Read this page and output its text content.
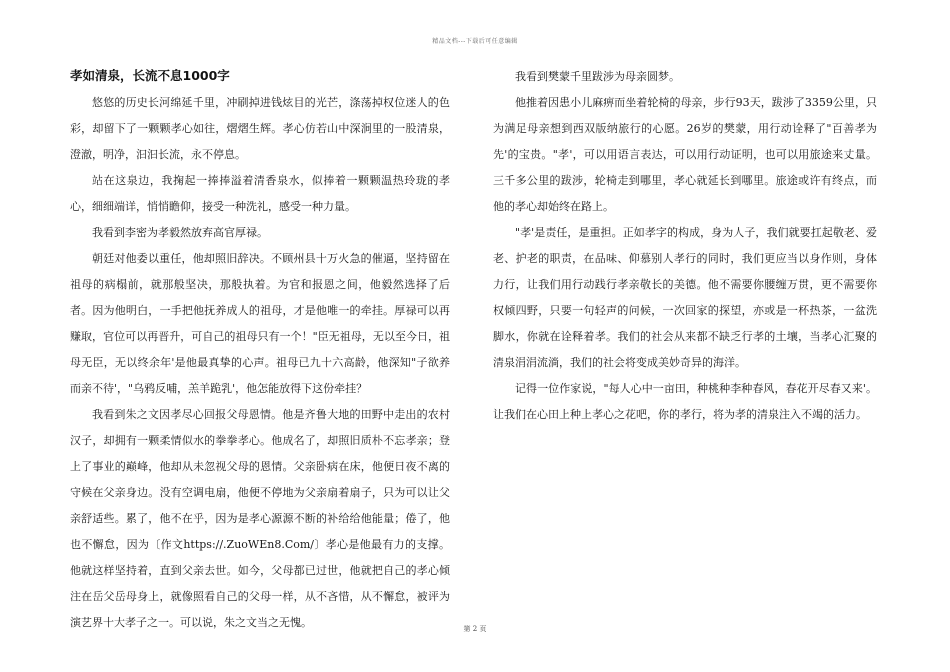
精品文档---下载后可任意编辑
孝如清泉，长流不息1000字

悠悠的历史长河绵延千里，冲刷掉进钱炫目的光芒，涤荡掉权位迷人的色彩，却留下了一颗颗孝心如往，熠熠生辉。孝心仿若山中深涧里的一股清泉，澄澈，明净，汩汩长流，永不停息。

站在这泉边，我掬起一捧捧溢着清香泉水，似捧着一颗颗温热玲珑的孝心，细细端详，悄悄瞻仰，接受一种洗礼，感受一种力量。

我看到李密为孝毅然放弃高官厚禄。

朝廷对他委以重任，他却照旧辞决。不顾州县十万火急的催逼，坚持留在祖母的病榻前，就那般坚决，那般执着。为官和报恩之间，他毅然选择了后者。因为他明白，一手把他抚养成人的祖母，才是他唯一的牵挂。厚禄可以再赚取，官位可以再晋升，可自己的祖母只有一个！"臣无祖母，无以至今日，祖母无臣，无以终余年'是他最真挚的心声。祖母已九十六高龄，他深知"子欲养而亲不待'，"乌鸦反哺，羔羊跪乳'，他怎能放得下这份牵挂？

我看到朱之文因孝尽心回报父母恩情。他是齐鲁大地的田野中走出的农村汉子，却拥有一颗柔情似水的拳拳孝心。他成名了，却照旧质朴不忘孝亲；登上了事业的巅峰，他却从未忽视父母的恩情。父亲卧病在床，他便日夜不离的守候在父亲身边。没有空调电扇，他便不停地为父亲扇着扇子，只为可以让父亲舒适些。累了，他不在乎，因为是孝心源源不断的补给给他能量；倦了，他也不懈怠，因为〔作文https://.ZuoWEn8.Com/〕孝心是他最有力的支撑。他就这样坚持着，直到父亲去世。如今，父母都已过世，他就把自己的孝心倾注在岳父岳母身上，就像照看自己的父母一样，从不吝惜，从不懈怠，被评为演艺界十大孝子之一。可以说，朱之文当之无愧。

我看到樊蒙千里跋涉为母亲圆梦。

他推着因患小儿麻痹而坐着轮椅的母亲，步行93天，跋涉了3359公里，只为满足母亲想到西双版纳旅行的心愿。26岁的樊蒙，用行动诠释了"百善孝为先'的宝贵。"孝'，可以用语言表达，可以用行动证明，也可以用旅途来丈量。三千多公里的跋涉，轮椅走到哪里，孝心就延长到哪里。旅途或许有终点，而他的孝心却始终在路上。

"孝'是责任，是重担。正如孝字的构成，身为人子，我们就要扛起敬老、爱老、护老的职责，在品味、仰慕别人孝行的同时，我们更应当以身作则，身体力行，让我们用行动践行孝亲敬长的美德。他不需要你腰缠万贯，更不需要你权倾四野，只要一句轻声的问候，一次回家的探望，亦或是一杯热茶，一盆洗脚水，你就在诠释着孝。我们的社会从来都不缺乏行孝的土壤，当孝心汇聚的清泉涓涓流淌，我们的社会将变成美妙奇异的海洋。

记得一位作家说，"每人心中一亩田，种桃种李种春风，春花开尽春又来'。让我们在心田上种上孝心之花吧，你的孝行，将为孝的清泉注入不竭的活力。

第 2 页
